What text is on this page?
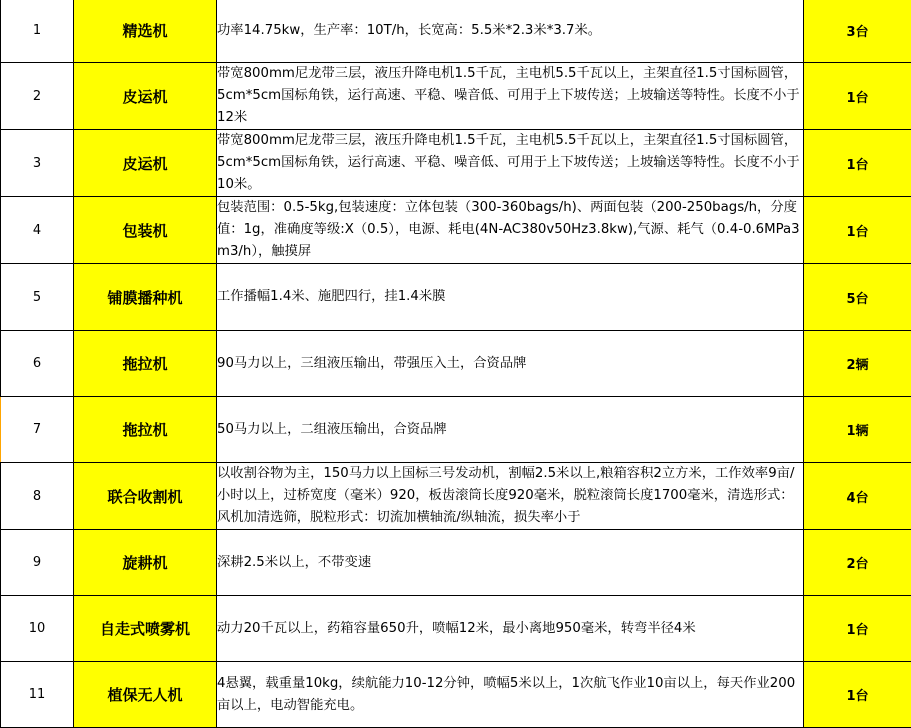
1	精选机	功率14.75kw，生产率：10T/h，长宽高：5.5米*2.3米*3.7米。	3台
2	皮运机	带宽800mm尼龙带三层，液压升降电机1.5千瓦，主电机5.5千瓦以上，主架直径1.5寸国标圆管，5cm*5cm国标角铁，运行高速、平稳、噪音低、可用于上下坡传送；上坡输送等特性。长度不小于12米	1台
3	皮运机	带宽800mm尼龙带三层，液压升降电机1.5千瓦，主电机5.5千瓦以上，主架直径1.5寸国标圆管，5cm*5cm国标角铁，运行高速、平稳、噪音低、可用于上下坡传送；上坡输送等特性。长度不小于10米。	1台
4	包装机	包装范围：0.5-5kg,包装速度：立体包装（300-360bags/h)、两面包装（200-250bags/h，分度值：1g，准确度等级:X（0.5），电源、耗电(4N-AC380v50Hz3.8kw),气源、耗气（0.4-0.6MPa3m3/h），触摸屏	1台
5	铺膜播种机	工作播幅1.4米、施肥四行，挂1.4米膜	5台
6	拖拉机	90马力以上，三组液压输出，带强压入土，合资品牌	2辆
7	拖拉机	50马力以上，二组液压输出，合资品牌	1辆
8	联合收割机	以收割谷物为主，150马力以上国标三号发动机，割幅2.5米以上,粮箱容积2立方米，工作效率9亩/小时以上，过桥宽度（毫米）920，板齿滚筒长度920毫米，脱粒滚筒长度1700毫米，清选形式：风机加清选筛，脱粒形式：切流加横轴流/纵轴流，损失率小于	4台
9	旋耕机	深耕2.5米以上，不带变速	2台
10	自走式喷雾机	动力20千瓦以上，药箱容量650升，喷幅12米，最小离地950毫米，转弯半径4米	1台
11	植保无人机	4悬翼，载重量10kg，续航能力10-12分钟，喷幅5米以上，1次航飞作业10亩以上，每天作业200亩以上，电动智能充电。	1台
